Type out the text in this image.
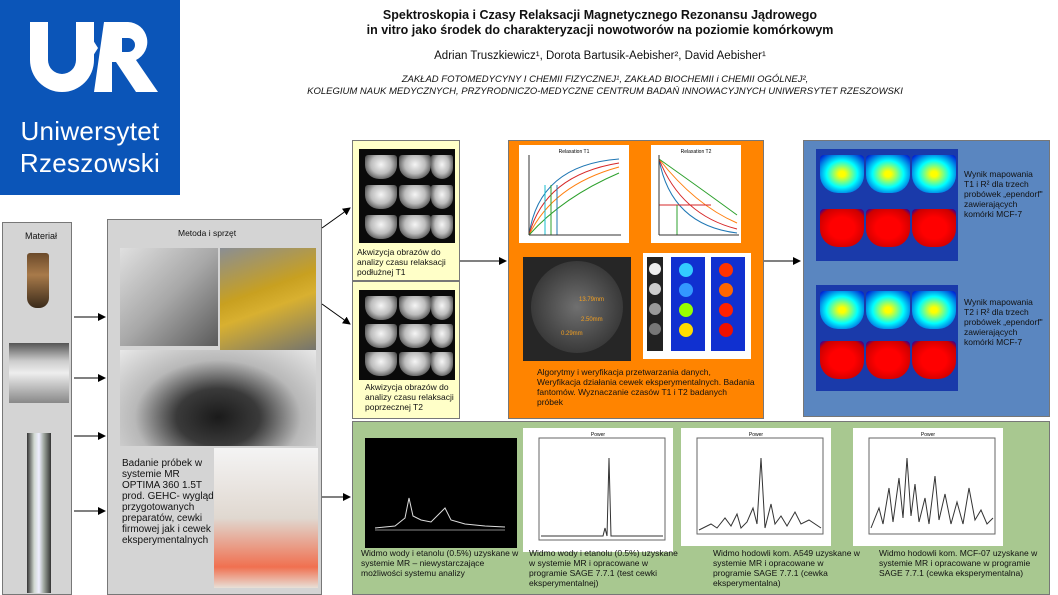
Uniwersytet
Rzeszowski
Spektroskopia i Czasy Relaksacji Magnetycznego Rezonansu Jądrowego
in vitro jako środek do charakteryzacji nowotworów na poziomie komórkowym
Adrian Truszkiewicz¹, Dorota Bartusik-Aebisher², David Aebisher¹
ZAKŁAD FOTOMEDYCYNY I CHEMII FIZYCZNEJ¹, ZAKŁAD BIOCHEMII i CHEMII OGÓLNEJ²,
KOLEGIUM NAUK MEDYCZNYCH, PRZYRODNICZO-MEDYCZNE CENTRUM BADAŃ INNOWACYJNYCH UNIWERSYTET RZESZOWSKI
Materiał	Metoda i sprzęt
Badanie próbek w systemie MR OPTIMA 360 1.5T prod. GEHC- wygląd przygotowanych preparatów, cewki firmowej jak i cewek eksperymentalnych
Akwizycja obrazów do analizy czasu relaksacji podłużnej T1
Akwizycja obrazów do analizy czasu relaksacji poprzecznej T2
Relaxation T1	Relaxation T2
13.79mm
2.50mm
0.29mm
Algorytmy i weryfikacja przetwarzania danych, Weryfikacja działania cewek eksperymentalnych. Badania fantomów. Wyznaczanie czasów T1 i T2 badanych próbek
Wynik mapowania T1 i R² dla trzech probówek „ependorf" zawierających komórki MCF-7
Wynik mapowania T2 i R² dla trzech probówek „ependorf" zawierających komórki MCF-7
Widmo wody i etanolu (0.5%) uzyskane w systemie MR – niewystarczające możliwości systemu analizy
Power
Widmo wody i etanolu (0.5%) uzyskane w systemie MR i opracowane w programie SAGE 7.7.1 (test cewki eksperymentalnej)
Power
Widmo hodowli kom. A549 uzyskane w systemie MR i opracowane w programie SAGE 7.7.1 (cewka eksperymentalna)
Power
Widmo hodowli kom. MCF-07 uzyskane w systemie MR i opracowane w programie SAGE 7.7.1 (cewka eksperymentalna)
